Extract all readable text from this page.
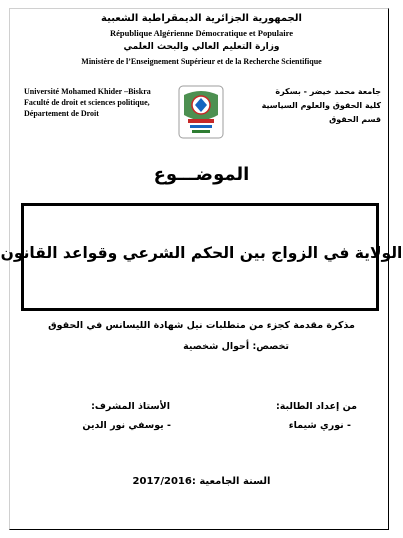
الجمهورية الجزائرية الديمقراطية الشعبية
République Algérienne Démocratique et Populaire
وزارة التعليم العالي والبحث العلمي
Ministère de l’Enseignement Supérieur et de la Recherche Scientifique
Université Mohamed Khider –Biskra
Faculté de droit et sciences politique,
Département de Droit
جامعة محمد خيضر - بسكرة
كلية الحقوق والعلوم السياسية
قسم الحقوق
الموضـــوع
الولاية في الزواج بين الحكم الشرعي وقواعد القانون
مذكرة مقدمة كجزء من متطلبات نيل شهادة الليسانس في الحقوق
تخصص: أحوال شخصية
من إعداد الطالبة:
- نوري شيماء
الأستاذ المشرف:
- يوسفي نور الدين
السنة الجامعية :2017/2016
